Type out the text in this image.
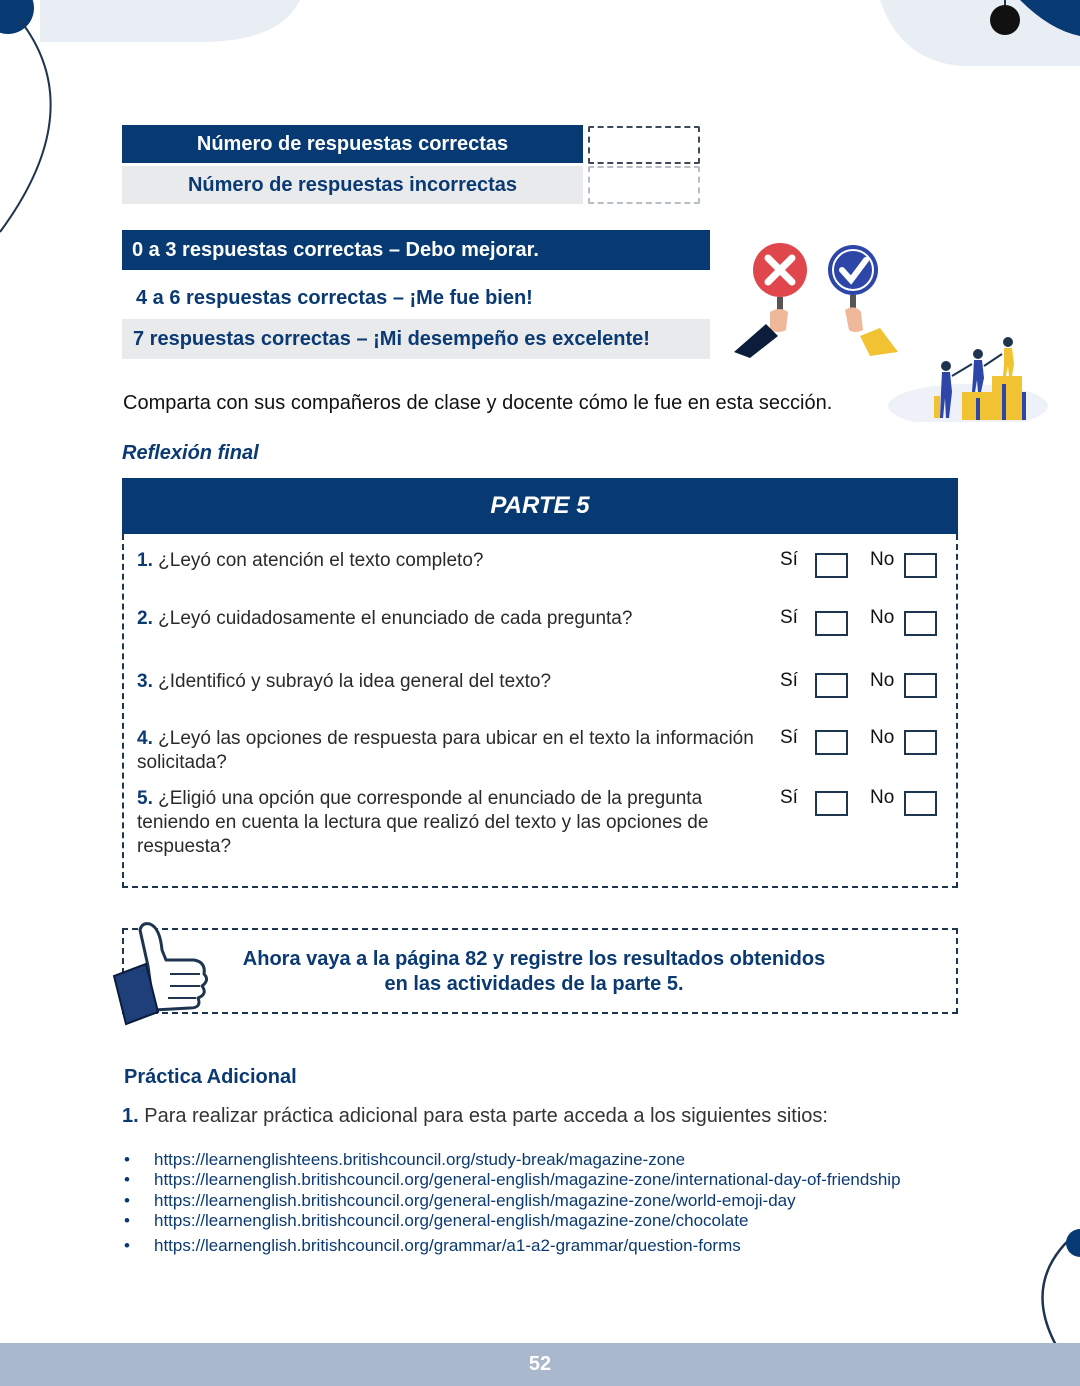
Número de respuestas correctas
Número de respuestas incorrectas
0 a 3 respuestas correctas – Debo mejorar.
4 a 6 respuestas correctas – ¡Me fue bien!
7 respuestas correctas – ¡Mi desempeño es excelente!
Comparta con sus compañeros de clase y docente cómo le fue en esta sección.
Reflexión final
PARTE 5
1. ¿Leyó con atención el texto completo?	Sí	No
2. ¿Leyó cuidadosamente el enunciado de cada pregunta?	Sí	No
3. ¿Identificó y subrayó la idea general del texto?	Sí	No
4. ¿Leyó las opciones de respuesta para ubicar en el texto la información solicitada?
Sí	No
5. ¿Eligió una opción que corresponde al enunciado de la pregunta teniendo en cuenta la lectura que realizó del texto y las opciones de respuesta?
Sí	No
Ahora vaya a la página 82 y registre los resultados obtenidos
en las actividades de la parte 5.
Práctica Adicional
1. Para realizar práctica adicional para esta parte acceda a los siguientes sitios:
• https://learnenglishteens.britishcouncil.org/study-break/magazine-zone
• https://learnenglish.britishcouncil.org/general-english/magazine-zone/international-day-of-friendship
• https://learnenglish.britishcouncil.org/general-english/magazine-zone/world-emoji-day
• https://learnenglish.britishcouncil.org/general-english/magazine-zone/chocolate
• https://learnenglish.britishcouncil.org/grammar/a1-a2-grammar/question-forms
52
